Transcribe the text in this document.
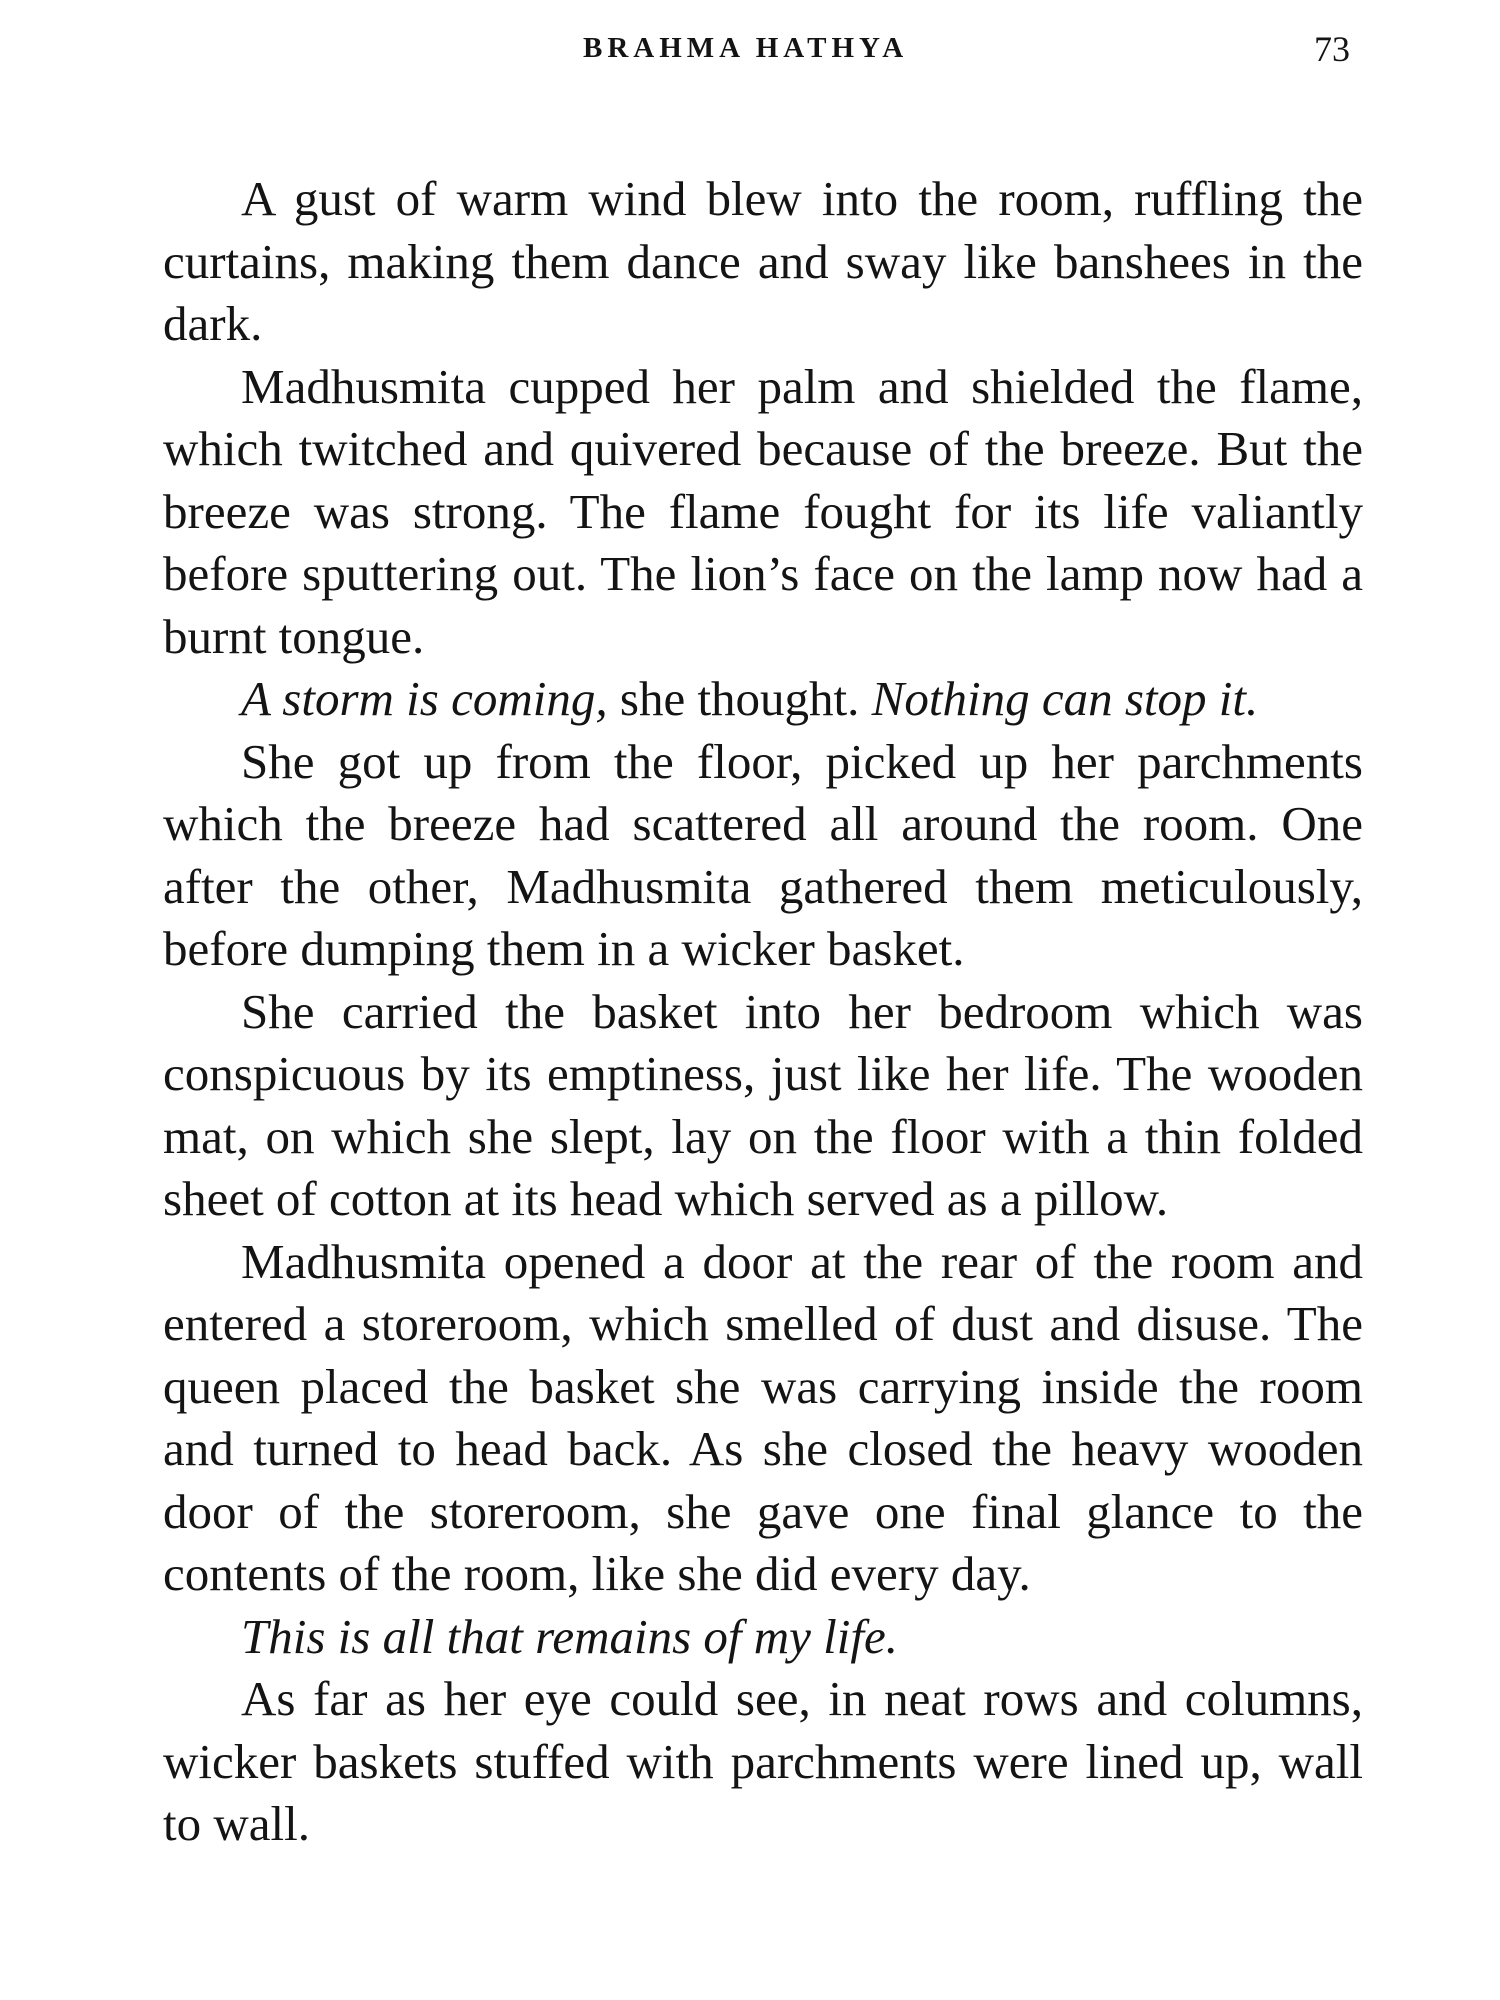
BRAHMA HATHYA	73

A gust of warm wind blew into the room, ruffling the curtains, making them dance and sway like banshees in the dark.

Madhusmita cupped her palm and shielded the flame, which twitched and quivered because of the breeze. But the breeze was strong. The flame fought for its life valiantly before sputtering out. The lion’s face on the lamp now had a burnt tongue.

A storm is coming, she thought. Nothing can stop it.

She got up from the floor, picked up her parchments which the breeze had scattered all around the room. One after the other, Madhusmita gathered them meticulously, before dumping them in a wicker basket.

She carried the basket into her bedroom which was conspicuous by its emptiness, just like her life. The wooden mat, on which she slept, lay on the floor with a thin folded sheet of cotton at its head which served as a pillow.

Madhusmita opened a door at the rear of the room and entered a storeroom, which smelled of dust and disuse. The queen placed the basket she was carrying inside the room and turned to head back. As she closed the heavy wooden door of the storeroom, she gave one final glance to the contents of the room, like she did every day.

This is all that remains of my life.

As far as her eye could see, in neat rows and columns, wicker baskets stuffed with parchments were lined up, wall to wall.
